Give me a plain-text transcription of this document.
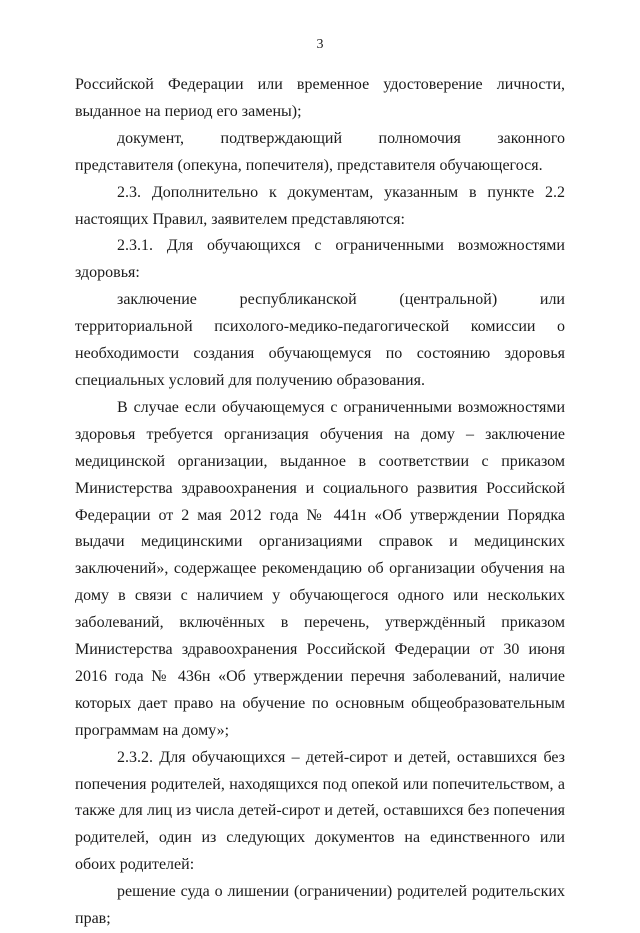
3

Российской Федерации или временное удостоверение личности, выданное на период его замены);

документ, подтверждающий полномочия законного представителя (опекуна, попечителя), представителя обучающегося.

2.3. Дополнительно к документам, указанным в пункте 2.2 настоящих Правил, заявителем представляются:

2.3.1. Для обучающихся с ограниченными возможностями здоровья:

заключение республиканской (центральной) или территориальной психолого-медико-педагогической комиссии о необходимости создания обучающемуся по состоянию здоровья специальных условий для получению образования.

В случае если обучающемуся с ограниченными возможностями здоровья требуется организация обучения на дому – заключение медицинской организации, выданное в соответствии с приказом Министерства здравоохранения и социального развития Российской Федерации от 2 мая 2012 года № 441н «Об утверждении Порядка выдачи медицинскими организациями справок и медицинских заключений», содержащее рекомендацию об организации обучения на дому в связи с наличием у обучающегося одного или нескольких заболеваний, включённых в перечень, утверждённый приказом Министерства здравоохранения Российской Федерации от 30 июня 2016 года № 436н «Об утверждении перечня заболеваний, наличие которых дает право на обучение по основным общеобразовательным программам на дому»;

2.3.2. Для обучающихся – детей-сирот и детей, оставшихся без попечения родителей, находящихся под опекой или попечительством, а также для лиц из числа детей-сирот и детей, оставшихся без попечения родителей, один из следующих документов на единственного или обоих родителей:

решение суда о лишении (ограничении) родителей родительских прав;
